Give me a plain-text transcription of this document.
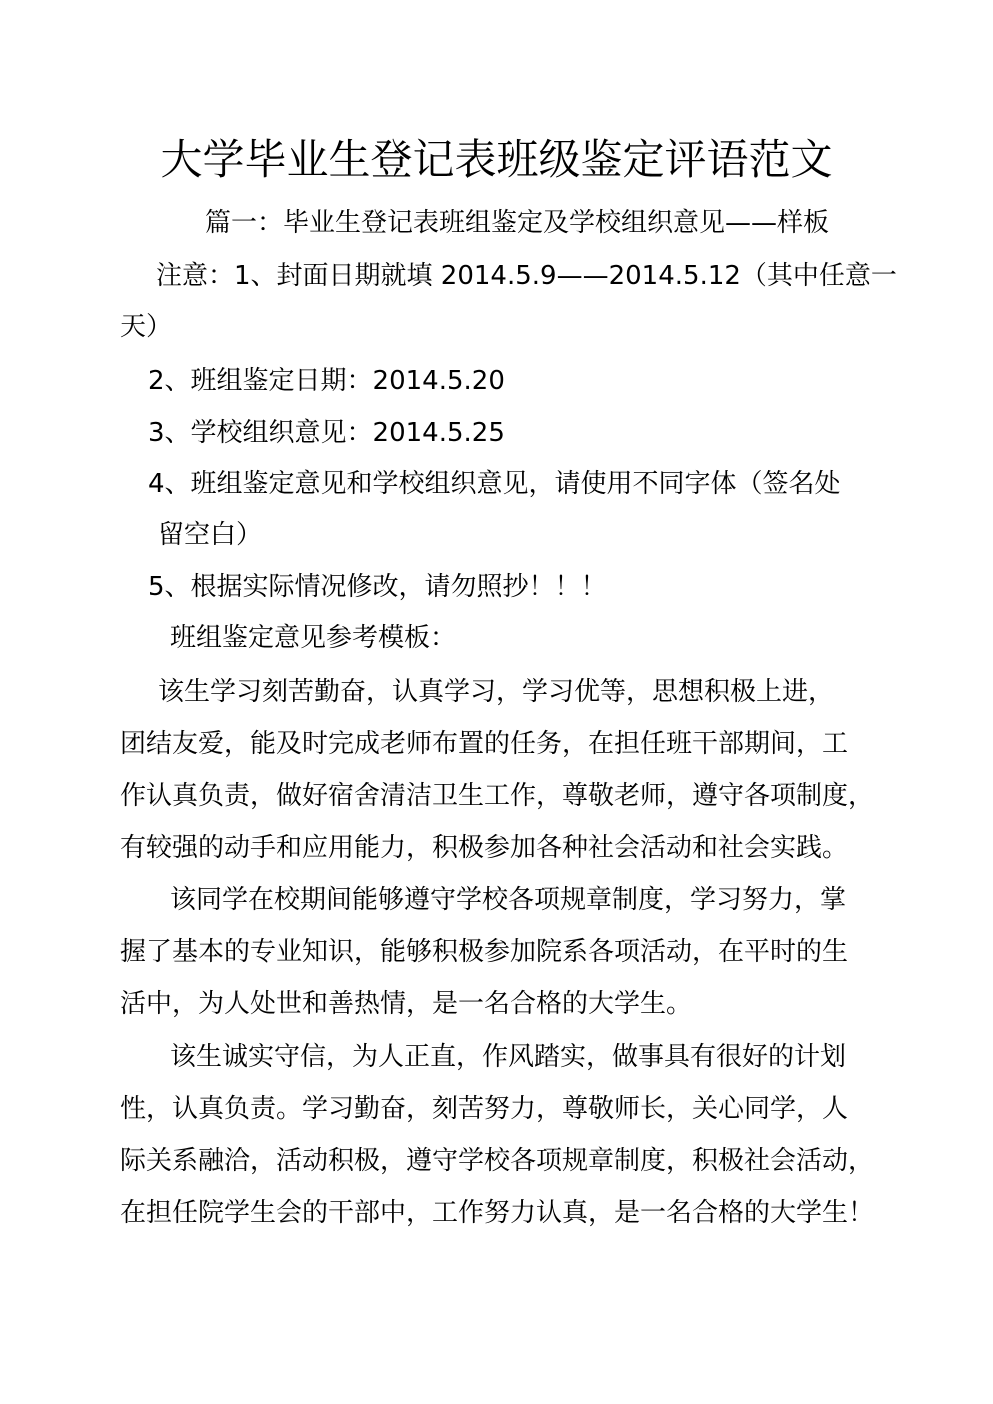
大学毕业生登记表班级鉴定评语范文

篇一：毕业生登记表班组鉴定及学校组织意见——样板

注意：1、封面日期就填 2014.5.9——2014.5.12（其中任意一

天）

2、班组鉴定日期：2014.5.20

3、学校组织意见：2014.5.25

4、班组鉴定意见和学校组织意见，请使用不同字体（签名处

留空白）

5、根据实际情况修改，请勿照抄！！！

班组鉴定意见参考模板：

该生学习刻苦勤奋，认真学习，学习优等，思想积极上进，

团结友爱，能及时完成老师布置的任务，在担任班干部期间，工

作认真负责，做好宿舍清洁卫生工作，尊敬老师，遵守各项制度，

有较强的动手和应用能力，积极参加各种社会活动和社会实践。

该同学在校期间能够遵守学校各项规章制度，学习努力，掌

握了基本的专业知识，能够积极参加院系各项活动，在平时的生

活中，为人处世和善热情，是一名合格的大学生。

该生诚实守信，为人正直，作风踏实，做事具有很好的计划

性，认真负责。学习勤奋，刻苦努力，尊敬师长，关心同学，人

际关系融洽，活动积极，遵守学校各项规章制度，积极社会活动，

在担任院学生会的干部中，工作努力认真，是一名合格的大学生！
